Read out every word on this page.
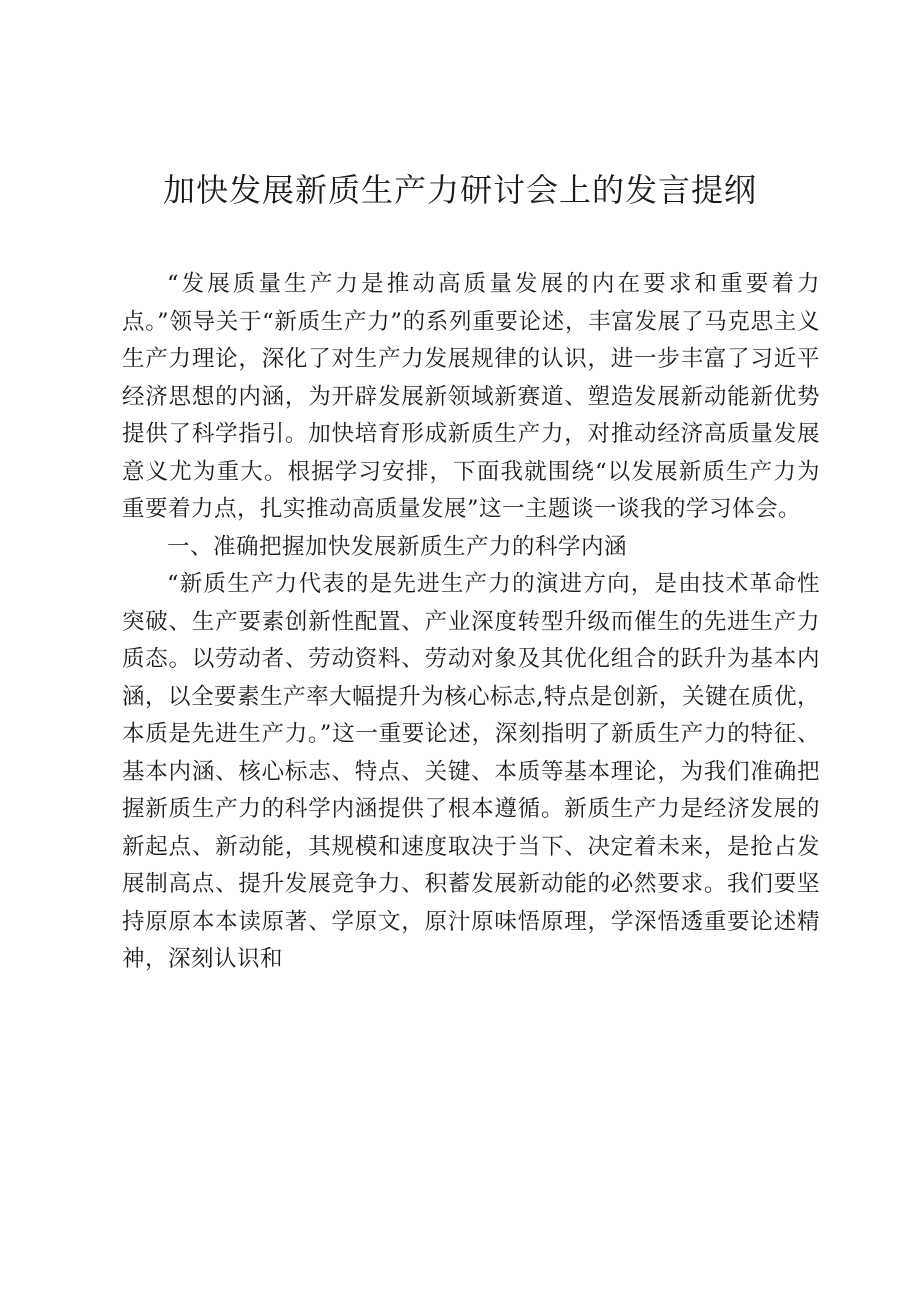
加快发展新质生产力研讨会上的发言提纲

“发展质量生产力是推动高质量发展的内在要求和重要着力点。”领导关于“新质生产力”的系列重要论述，丰富发展了马克思主义生产力理论，深化了对生产力发展规律的认识，进一步丰富了习近平经济思想的内涵，为开辟发展新领域新赛道、塑造发展新动能新优势提供了科学指引。加快培育形成新质生产力，对推动经济高质量发展意义尤为重大。根据学习安排，下面我就围绕“以发展新质生产力为重要着力点，扎实推动高质量发展”这一主题谈一谈我的学习体会。

一、准确把握加快发展新质生产力的科学内涵

“新质生产力代表的是先进生产力的演进方向，是由技术革命性突破、生产要素创新性配置、产业深度转型升级而催生的先进生产力质态。以劳动者、劳动资料、劳动对象及其优化组合的跃升为基本内涵，以全要素生产率大幅提升为核心标志,特点是创新，关键在质优，本质是先进生产力。”这一重要论述，深刻指明了新质生产力的特征、基本内涵、核心标志、特点、关键、本质等基本理论，为我们准确把握新质生产力的科学内涵提供了根本遵循。新质生产力是经济发展的新起点、新动能，其规模和速度取决于当下、决定着未来，是抢占发展制高点、提升发展竞争力、积蓄发展新动能的必然要求。我们要坚持原原本本读原著、学原文，原汁原味悟原理，学深悟透重要论述精神，深刻认识和
